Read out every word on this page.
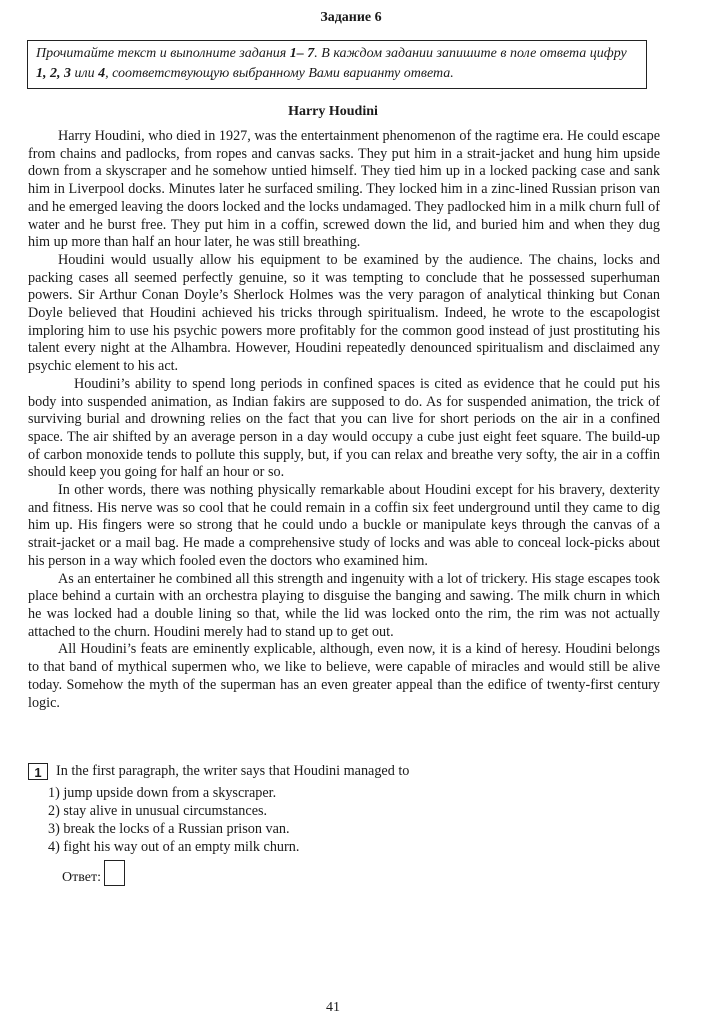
Задание 6
Прочитайте текст и выполните задания 1– 7. В каждом задании запишите в поле ответа цифру 1, 2, 3 или 4, соответствующую выбранному Вами варианту ответа.
Harry Houdini

Harry Houdini, who died in 1927, was the entertainment phenomenon of the ragtime era. He could escape from chains and padlocks, from ropes and canvas sacks. They put him in a strait-jacket and hung him upside down from a skyscraper and he somehow untied himself. They tied him up in a locked packing case and sank him in Liverpool docks. Minutes later he surfaced smiling. They locked him in a zinc-lined Russian prison van and he emerged leaving the doors locked and the locks undamaged. They padlocked him in a milk churn full of water and he burst free. They put him in a coffin, screwed down the lid, and buried him and when they dug him up more than half an hour later, he was still breathing.

Houdini would usually allow his equipment to be examined by the audience. The chains, locks and packing cases all seemed perfectly genuine, so it was tempting to conclude that he possessed superhuman powers. Sir Arthur Conan Doyle’s Sherlock Holmes was the very paragon of analytical thinking but Conan Doyle believed that Houdini achieved his tricks through spiritualism. Indeed, he wrote to the escapologist imploring him to use his psychic powers more profitably for the common good instead of just prostituting his talent every night at the Alhambra. However, Houdini repeatedly denounced spiritualism and disclaimed any psychic element to his act.

Houdini’s ability to spend long periods in confined spaces is cited as evidence that he could put his body into suspended animation, as Indian fakirs are supposed to do. As for suspended animation, the trick of surviving burial and drowning relies on the fact that you can live for short periods on the air in a confined space. The air shifted by an average person in a day would occupy a cube just eight feet square. The build-up of carbon monoxide tends to pollute this supply, but, if you can relax and breathe very softy, the air in a coffin should keep you going for half an hour or so.

In other words, there was nothing physically remarkable about Houdini except for his bravery, dexterity and fitness. His nerve was so cool that he could remain in a coffin six feet underground until they came to dig him up. His fingers were so strong that he could undo a buckle or manipulate keys through the canvas of a strait-jacket or a mail bag. He made a comprehensive study of locks and was able to conceal lock-picks about his person in a way which fooled even the doctors who examined him.

As an entertainer he combined all this strength and ingenuity with a lot of trickery. His stage escapes took place behind a curtain with an orchestra playing to disguise the banging and sawing. The milk churn in which he was locked had a double lining so that, while the lid was locked onto the rim, the rim was not actually attached to the churn. Houdini merely had to stand up to get out.

All Houdini’s feats are eminently explicable, although, even now, it is a kind of heresy. Houdini belongs to that band of mythical supermen who, we like to believe, were capable of miracles and would still be alive today. Somehow the myth of the superman has an even greater appeal than the edifice of twenty-first century logic.

1	In the first paragraph, the writer says that Houdini managed to
1) jump upside down from a skyscraper.
2) stay alive in unusual circumstances.
3) break the locks of a Russian prison van.
4) fight his way out of an empty milk churn.
Ответ:
41
